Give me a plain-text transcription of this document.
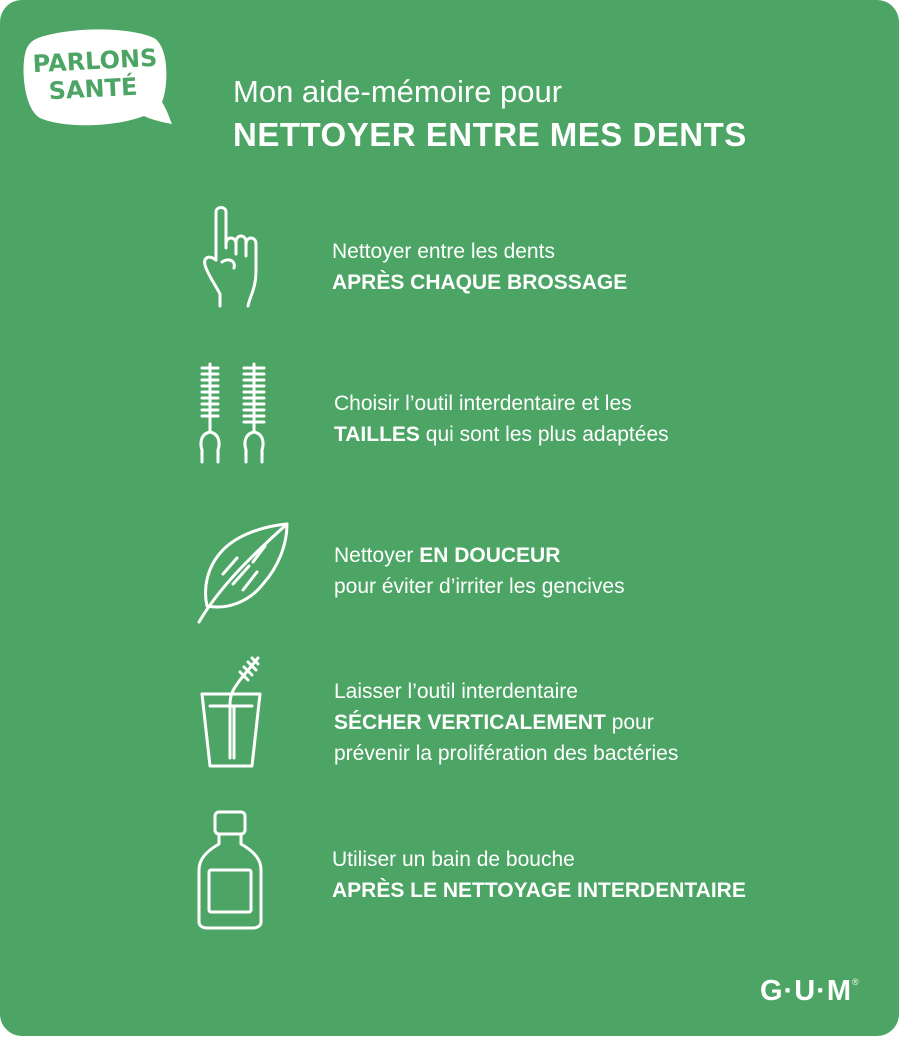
PARLONS
SANTÉ	Mon aide-mémoire pour
NETTOYER ENTRE MES DENTS
Nettoyer entre les dents
APRÈS CHAQUE BROSSAGE
Choisir l’outil interdentaire et les
TAILLES qui sont les plus adaptées
Nettoyer EN DOUCEUR
pour éviter d’irriter les gencives
Laisser l’outil interdentaire
SÉCHER VERTICALEMENT pour
prévenir la prolifération des bactéries
Utiliser un bain de bouche
APRÈS LE NETTOYAGE INTERDENTAIRE
G·U·M®
